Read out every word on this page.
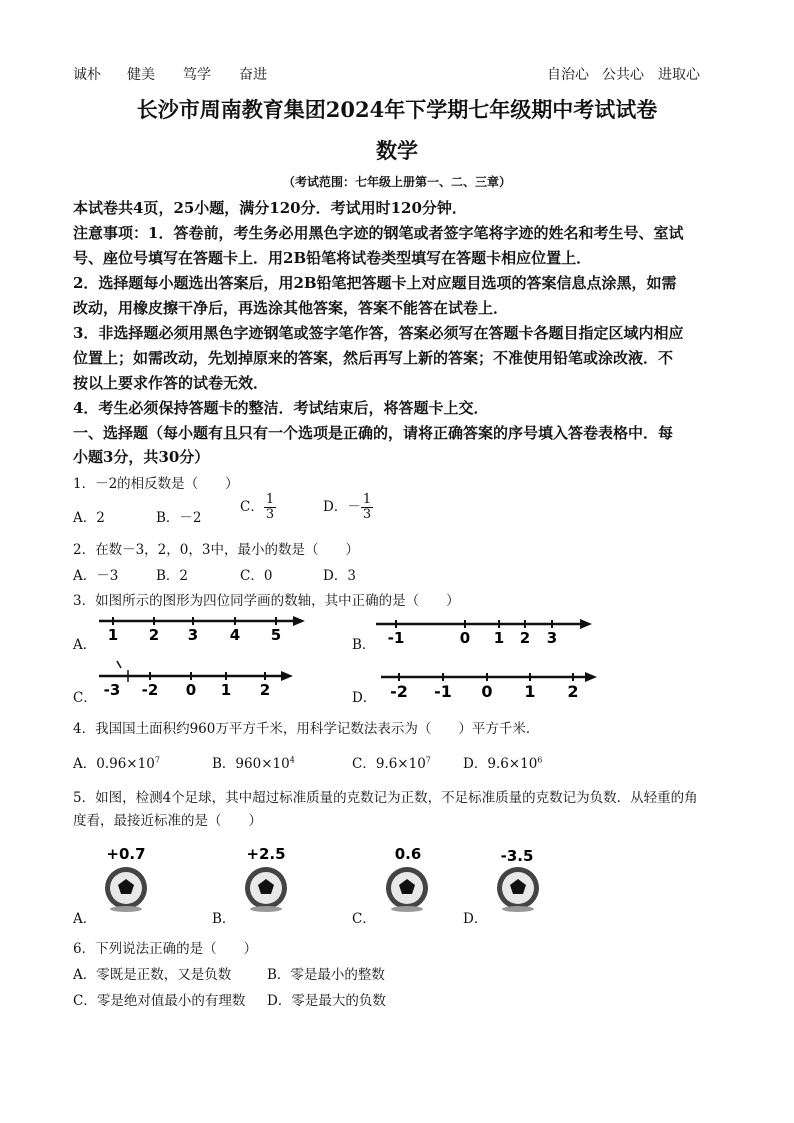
诚朴 健美 笃学 奋进	自治心 公共心 进取心
长沙市周南教育集团2024年下学期七年级期中考试试卷
数学
（考试范围：七年级上册第一、二、三章）
本试卷共4页，25小题，满分120分．考试用时120分钟．
注意事项：1．答卷前，考生务必用黑色字迹的钢笔或者签字笔将字迹的姓名和考生号、室试
号、座位号填写在答题卡上．用2B铅笔将试卷类型填写在答题卡相应位置上．
2．选择题每小题选出答案后，用2B铅笔把答题卡上对应题目选项的答案信息点涂黑，如需
改动，用橡皮擦干净后，再选涂其他答案，答案不能答在试卷上．
3．非选择题必须用黑色字迹钢笔或签字笔作答，答案必须写在答题卡各题目指定区域内相应
位置上；如需改动，先划掉原来的答案，然后再写上新的答案；不准使用铅笔或涂改液．不
按以上要求作答的试卷无效．
4．考生必须保持答题卡的整洁．考试结束后，将答题卡上交．
一、选择题（每小题有且只有一个选项是正确的，请将正确答案的序号填入答卷表格中．每
小题3分，共30分）
1．－2的相反数是（　　）
A．2	B．－2
C． $\frac{1}{3}$	D．－ $\frac{1}{3}$
2．在数－3，2，0，3中，最小的数是（　　）
A．－3	B．2	C．0	D．3
3．如图所示的图形为四位同学画的数轴，其中正确的是（　　）
A．	B．
C．	D．
1 2 3 4 5	-1	0 1 2 3
-3 -2 0 1 2	-2 -1 0 1 2
4．我国国土面积约960万平方千米，用科学记数法表示为（　　）平方千米．
A．$0.96\times 10^7$	B．$960\times 10^4$	C．$9.6\times 10^7$ D．$9.6\times 10^6$
5．如图，检测4个足球，其中超过标准质量的克数记为正数，不足标准质量的克数记为负数．从轻重的角
度看，最接近标准的是（　　）
+0.7	+2.5	0.6	-3.5
A．	B．	C．	D．
6．下列说法正确的是（　　）
A．零既是正数，又是负数	B．零是最小的整数
C．零是绝对值最小的有理数 D．零是最大的负数
